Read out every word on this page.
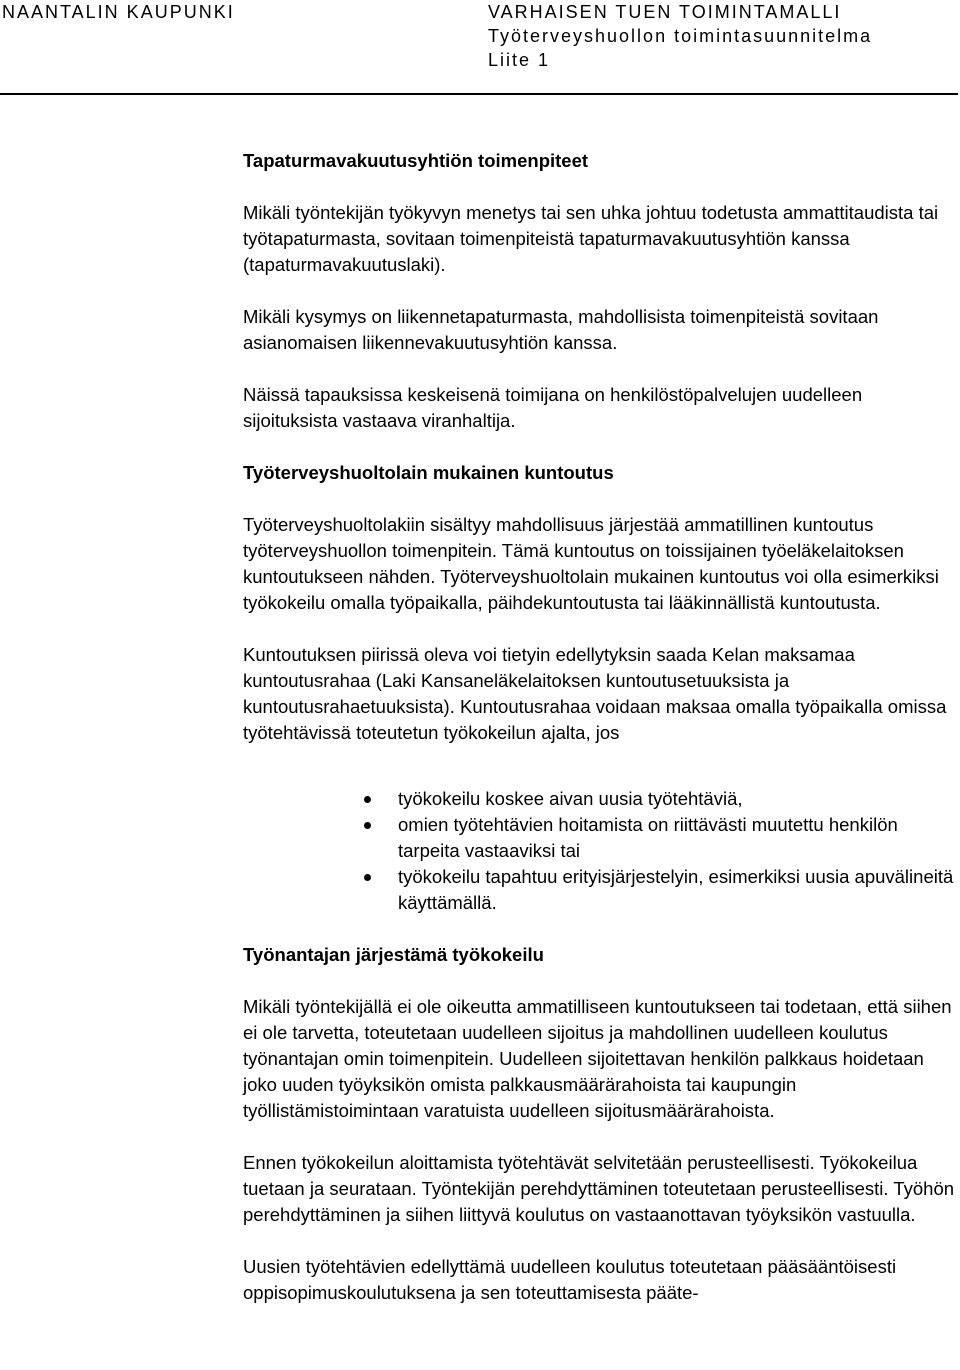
NAANTALIN KAUPUNKI	VARHAISEN TUEN TOIMINTAMALLI
Työterveyshuollon toimintasuunnitelma
Liite 1
Tapaturmavakuutusyhtiön toimenpiteet

Mikäli työntekijän työkyvyn menetys tai sen uhka johtuu todetusta ammattitaudista tai työtapaturmasta, sovitaan toimenpiteistä tapaturmavakuutusyhtiön kanssa (tapaturmavakuutuslaki).

Mikäli kysymys on liikennetapaturmasta, mahdollisista toimenpiteistä sovitaan asianomaisen liikennevakuutusyhtiön kanssa.

Näissä tapauksissa keskeisenä toimijana on henkilöstöpalvelujen uudelleen sijoituksista vastaava viranhaltija.

Työterveyshuoltolain mukainen kuntoutus

Työterveyshuoltolakiin sisältyy mahdollisuus järjestää ammatillinen kuntoutus työterveyshuollon toimenpitein. Tämä kuntoutus on toissijainen työeläkelaitoksen kuntoutukseen nähden. Työterveyshuoltolain mukainen kuntoutus voi olla esimerkiksi työkokeilu omalla työpaikalla, päihdekuntoutusta tai lääkinnällistä kuntoutusta.

Kuntoutuksen piirissä oleva voi tietyin edellytyksin saada Kelan maksamaa kuntoutusrahaa (Laki Kansaneläkelaitoksen kuntoutusetuuksista ja kuntoutusrahaetuuksista). Kuntoutusrahaa voidaan maksaa omalla työpaikalla omissa työtehtävissä toteutetun työkokeilun ajalta, jos

työkokeilu koskee aivan uusia työtehtäviä,
omien työtehtävien hoitamista on riittävästi muutettu henkilön tarpeita vastaaviksi tai
työkokeilu tapahtuu erityisjärjestelyin, esimerkiksi uusia apuvälineitä käyttämällä.
Työnantajan järjestämä työkokeilu

Mikäli työntekijällä ei ole oikeutta ammatilliseen kuntoutukseen tai todetaan, että siihen ei ole tarvetta, toteutetaan uudelleen sijoitus ja mahdollinen uudelleen koulutus työnantajan omin toimenpitein. Uudelleen sijoitettavan henkilön palkkaus hoidetaan joko uuden työyksikön omista palkkausmäärärahoista tai kaupungin työllistämistoimintaan varatuista uudelleen sijoitusmäärärahoista.

Ennen työkokeilun aloittamista työtehtävät selvitetään perusteellisesti. Työkokeilua tuetaan ja seurataan. Työntekijän perehdyttäminen toteutetaan perusteellisesti. Työhön perehdyttäminen ja siihen liittyvä koulutus on vastaanottavan työyksikön vastuulla.

Uusien työtehtävien edellyttämä uudelleen koulutus toteutetaan pääsääntöisesti oppisopimuskoulutuksena ja sen toteuttamisesta pääte-
